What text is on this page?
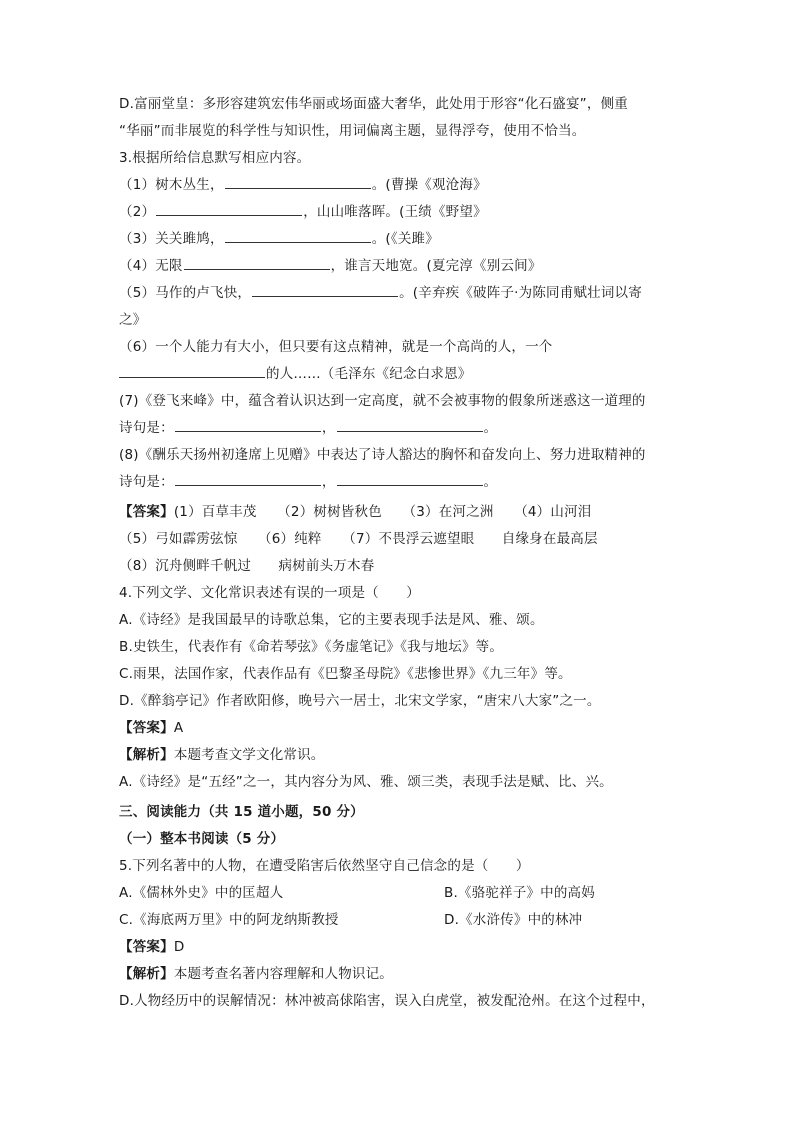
D.富丽堂皇：多形容建筑宏伟华丽或场面盛大奢华，此处用于形容“化石盛宴”，侧重
“华丽”而非展览的科学性与知识性，用词偏离主题，显得浮夸，使用不恰当。
3.根据所给信息默写相应内容。
（1）树木丛生，	。(曹操《观沧海》
（2）	，山山唯落晖。(王绩《野望》
（3）关关雎鸠，	。(《关雎》
（4）无限	，谁言天地宽。(夏完淳《别云间》
（5）马作的卢飞快，	。(辛弃疾《破阵子·为陈同甫赋壮词以寄
之》
（6）一个人能力有大小，但只要有这点精神，就是一个高尚的人，一个
的人……（毛泽东《纪念白求恩》
(7)《登飞来峰》中，蕴含着认识达到一定高度，就不会被事物的假象所迷惑这一道理的
诗句是：	，	。
(8)《酬乐天扬州初逢席上见赠》中表达了诗人豁达的胸怀和奋发向上、努力进取精神的
诗句是：	，	。
【答案】(1）百草丰茂　　（2）树树皆秋色　　（3）在河之洲　　（4）山河泪
（5）弓如霹雳弦惊　　（6）纯粹　　（7）不畏浮云遮望眼　　自缘身在最高层
（8）沉舟侧畔千帆过　　病树前头万木春
4.下列文学、文化常识表述有误的一项是（　　）
A.《诗经》是我国最早的诗歌总集，它的主要表现手法是风、雅、颂。
B.史铁生，代表作有《命若琴弦》《务虚笔记》《我与地坛》等。
C.雨果，法国作家，代表作品有《巴黎圣母院》《悲惨世界》《九三年》等。
D.《醉翁亭记》作者欧阳修，晚号六一居士，北宋文学家，“唐宋八大家”之一。
【答案】A
【解析】本题考查文学文化常识。
A.《诗经》是“五经”之一，其内容分为风、雅、颂三类，表现手法是赋、比、兴。
三、阅读能力（共 15 道小题，50 分）
（一）整本书阅读（5 分）
5.下列名著中的人物，在遭受陷害后依然坚守自己信念的是（　　）
A.《儒林外史》中的匡超人	B.《骆驼祥子》中的高妈
C.《海底两万里》中的阿龙纳斯教授	D.《水浒传》中的林冲
【答案】D
【解析】本题考查名著内容理解和人物识记。
D.人物经历中的误解情况：林冲被高俅陷害，误入白虎堂，被发配沧州。在这个过程中，
